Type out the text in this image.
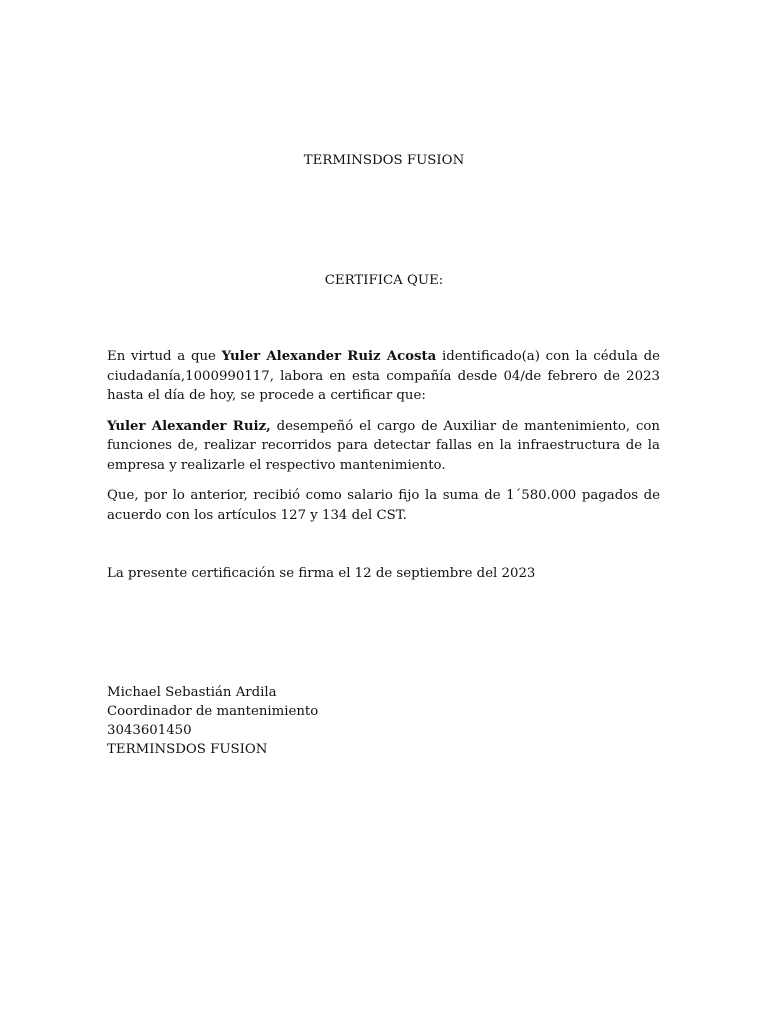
TERMINSDOS FUSION
CERTIFICA QUE:

En virtud a que Yuler Alexander Ruiz Acosta identificado(a) con la cédula de ciudadanía,1000990117, labora en esta compañía desde 04/de febrero de 2023 hasta el día de hoy, se procede a certificar que:

Yuler Alexander Ruiz, desempeñó el cargo de Auxiliar de mantenimiento, con funciones de, realizar recorridos para detectar fallas en la infraestructura de la empresa y realizarle el respectivo mantenimiento.

Que, por lo anterior, recibió como salario fijo la suma de 1´580.000 pagados de acuerdo con los artículos 127 y 134 del CST.

La presente certificación se firma el 12 de septiembre del 2023
Michael Sebastián Ardila
Coordinador de mantenimiento
3043601450
TERMINSDOS FUSION
